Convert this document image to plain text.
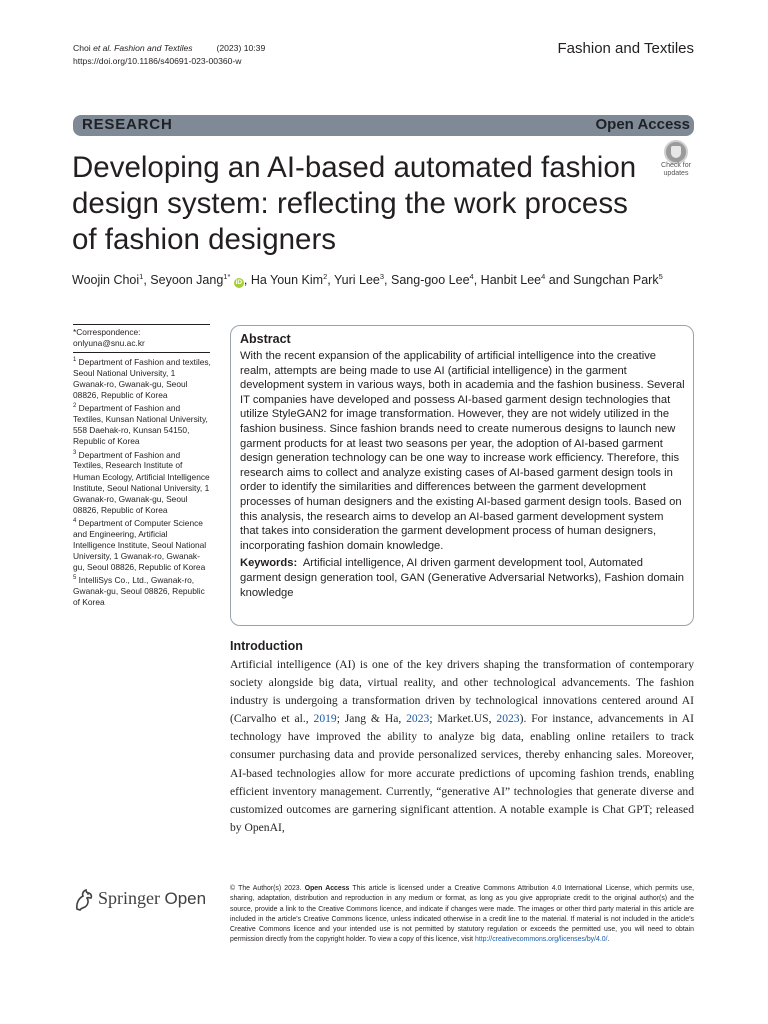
Choi et al. Fashion and Textiles	(2023) 10:39
https://doi.org/10.1186/s40691-023-00360-w
Fashion and Textiles
RESEARCH	Open Access
Developing an AI-based automated fashion design system: reflecting the work process of fashion designers
Check for
updates
Woojin Choi$^1$, Seyoon Jang$^{1*}$ iD , Ha Youn Kim$^2$, Yuri Lee$^3$, Sang-goo Lee$^4$, Hanbit Lee$^4$ and Sungchan Park$^5$
*Correspondence:
onlyuna@snu.ac.kr
$^1$ Department of Fashion and textiles, Seoul National University, 1 Gwanak-ro, Gwanak-gu, Seoul 08826, Republic of Korea
$^2$ Department of Fashion and Textiles, Kunsan National University, 558 Daehak-ro, Kunsan 54150, Republic of Korea
$^3$ Department of Fashion and Textiles, Research Institute of Human Ecology, Artificial Intelligence Institute, Seoul National University, 1 Gwanak-ro, Gwanak-gu, Seoul 08826, Republic of Korea
$^4$ Department of Computer Science and Engineering, Artificial Intelligence Institute, Seoul National University, 1 Gwanak-ro, Gwanak-gu, Seoul 08826, Republic of Korea
$^5$ IntelliSys Co., Ltd., Gwanak-ro, Gwanak-gu, Seoul 08826, Republic of Korea
Abstract

With the recent expansion of the applicability of artificial intelligence into the creative realm, attempts are being made to use AI (artificial intelligence) in the garment development system in various ways, both in academia and the fashion business. Several IT companies have developed and possess AI-based garment design technologies that utilize StyleGAN2 for image transformation. However, they are not widely utilized in the fashion business. Since fashion brands need to create numerous designs to launch new garment products for at least two seasons per year, the adoption of AI-based garment design generation technology can be one way to increase work efficiency. Therefore, this research aims to collect and analyze existing cases of AI-based garment design tools in order to identify the similarities and differences between the garment development processes of human designers and the existing AI-based garment design tools. Based on this analysis, the research aims to develop an AI-based garment development system that takes into consideration the garment development process of human designers, incorporating fashion domain knowledge.

Keywords: Artificial intelligence, AI driven garment development tool, Automated garment design generation tool, GAN (Generative Adversarial Networks), Fashion domain knowledge

Introduction

Artificial intelligence (AI) is one of the key drivers shaping the transformation of contemporary society alongside big data, virtual reality, and other technological advancements. The fashion industry is undergoing a transformation driven by technological innovations centered around AI (Carvalho et al., 2019; Jang & Ha, 2023; Market.US, 2023). For instance, advancements in AI technology have improved the ability to analyze big data, enabling online retailers to track consumer purchasing data and provide personalized services, thereby enhancing sales. Moreover, AI-based technologies allow for more accurate predictions of upcoming fashion trends, enabling efficient inventory management. Currently, “generative AI” technologies that generate diverse and customized outcomes are garnering significant attention. A notable example is Chat GPT; released by OpenAI,

Springer Open

© The Author(s) 2023. Open Access This article is licensed under a Creative Commons Attribution 4.0 International License, which permits use, sharing, adaptation, distribution and reproduction in any medium or format, as long as you give appropriate credit to the original author(s) and the source, provide a link to the Creative Commons licence, and indicate if changes were made. The images or other third party material in this article are included in the article’s Creative Commons licence, unless indicated otherwise in a credit line to the material. If material is not included in the article’s Creative Commons licence and your intended use is not permitted by statutory regulation or exceeds the permitted use, you will need to obtain permission directly from the copyright holder. To view a copy of this licence, visit http://creativecommons.org/licenses/by/4.0/.
